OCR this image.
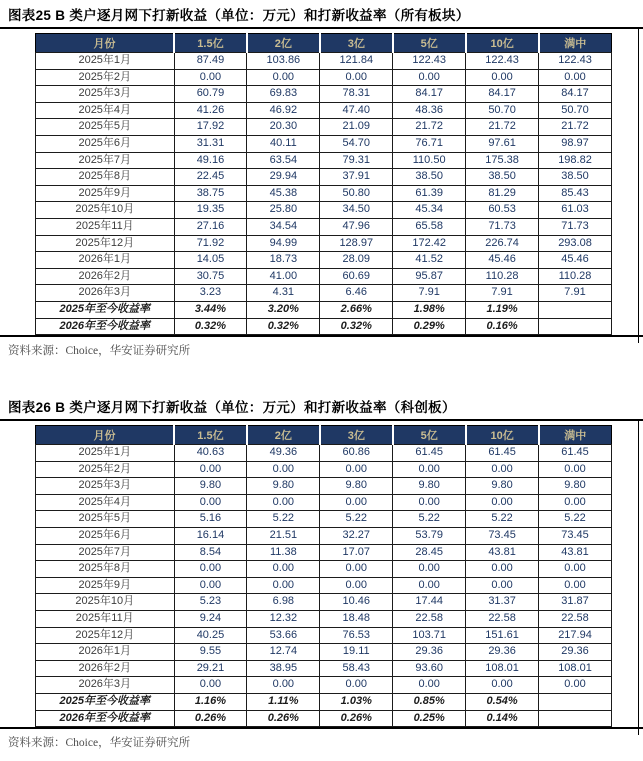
图表25 B 类户逐月网下打新收益（单位：万元）和打新收益率（所有板块）
月份	1.5亿	2亿	3亿	5亿	10亿	满中
2025年1月	87.49	103.86	121.84	122.43	122.43	122.43
2025年2月	0.00	0.00	0.00	0.00	0.00	0.00
2025年3月	60.79	69.83	78.31	84.17	84.17	84.17
2025年4月	41.26	46.92	47.40	48.36	50.70	50.70
2025年5月	17.92	20.30	21.09	21.72	21.72	21.72
2025年6月	31.31	40.11	54.70	76.71	97.61	98.97
2025年7月	49.16	63.54	79.31	110.50	175.38	198.82
2025年8月	22.45	29.94	37.91	38.50	38.50	38.50
2025年9月	38.75	45.38	50.80	61.39	81.29	85.43
2025年10月	19.35	25.80	34.50	45.34	60.53	61.03
2025年11月	27.16	34.54	47.96	65.58	71.73	71.73
2025年12月	71.92	94.99	128.97	172.42	226.74	293.08
2026年1月	14.05	18.73	28.09	41.52	45.46	45.46
2026年2月	30.75	41.00	60.69	95.87	110.28	110.28
2026年3月	3.23	4.31	6.46	7.91	7.91	7.91
2025年至今收益率	3.44%	3.20%	2.66%	1.98%	1.19%	
2026年至今收益率	0.32%	0.32%	0.32%	0.29%	0.16%	
资料来源：Choice，华安证券研究所
图表26 B 类户逐月网下打新收益（单位：万元）和打新收益率（科创板）
月份	1.5亿	2亿	3亿	5亿	10亿	满中
2025年1月	40.63	49.36	60.86	61.45	61.45	61.45
2025年2月	0.00	0.00	0.00	0.00	0.00	0.00
2025年3月	9.80	9.80	9.80	9.80	9.80	9.80
2025年4月	0.00	0.00	0.00	0.00	0.00	0.00
2025年5月	5.16	5.22	5.22	5.22	5.22	5.22
2025年6月	16.14	21.51	32.27	53.79	73.45	73.45
2025年7月	8.54	11.38	17.07	28.45	43.81	43.81
2025年8月	0.00	0.00	0.00	0.00	0.00	0.00
2025年9月	0.00	0.00	0.00	0.00	0.00	0.00
2025年10月	5.23	6.98	10.46	17.44	31.37	31.87
2025年11月	9.24	12.32	18.48	22.58	22.58	22.58
2025年12月	40.25	53.66	76.53	103.71	151.61	217.94
2026年1月	9.55	12.74	19.11	29.36	29.36	29.36
2026年2月	29.21	38.95	58.43	93.60	108.01	108.01
2026年3月	0.00	0.00	0.00	0.00	0.00	0.00
2025年至今收益率	1.16%	1.11%	1.03%	0.85%	0.54%	
2026年至今收益率	0.26%	0.26%	0.26%	0.25%	0.14%	
资料来源：Choice，华安证券研究所
